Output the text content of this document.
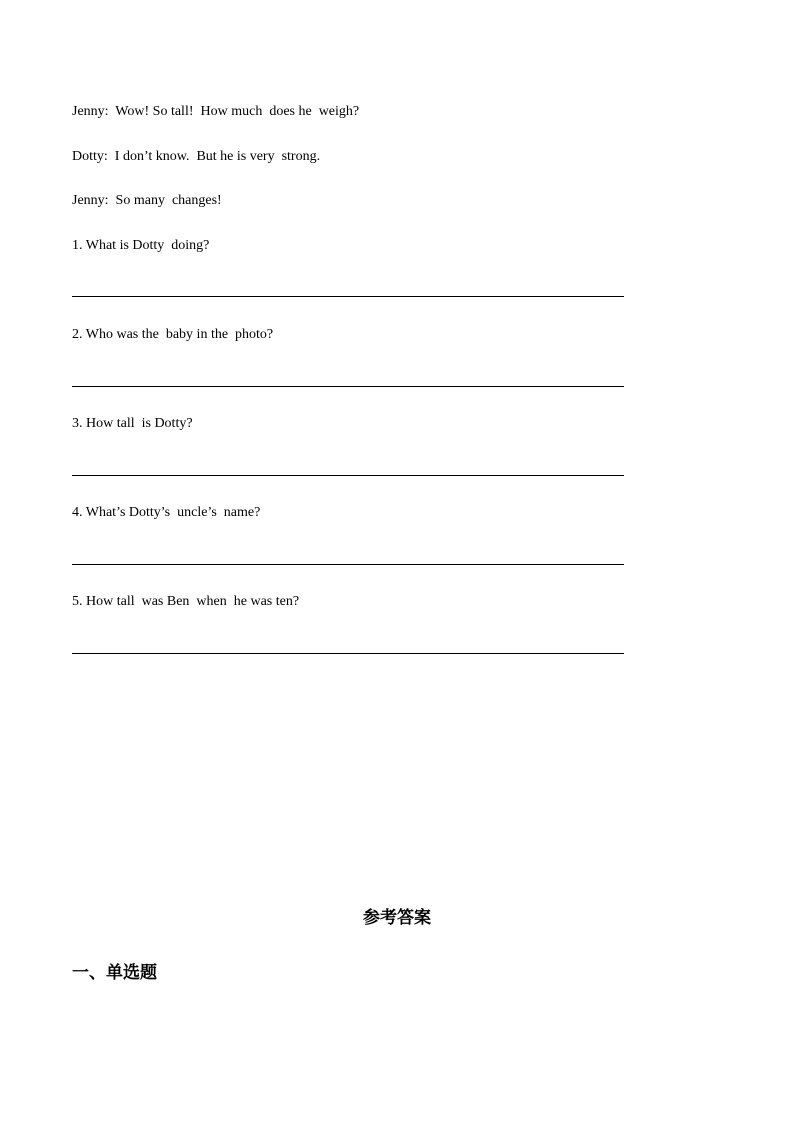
Jenny:  Wow! So tall!  How much  does he  weigh?
Dotty:  I don’t know.  But he is very  strong.
Jenny:  So many  changes!
1. What is Dotty  doing?
2. Who was the  baby in the  photo?
3. How tall  is Dotty?
4. What’s Dotty’s  uncle’s  name?
5. How tall  was Ben  when  he was ten?
参考答案
一、单选题
